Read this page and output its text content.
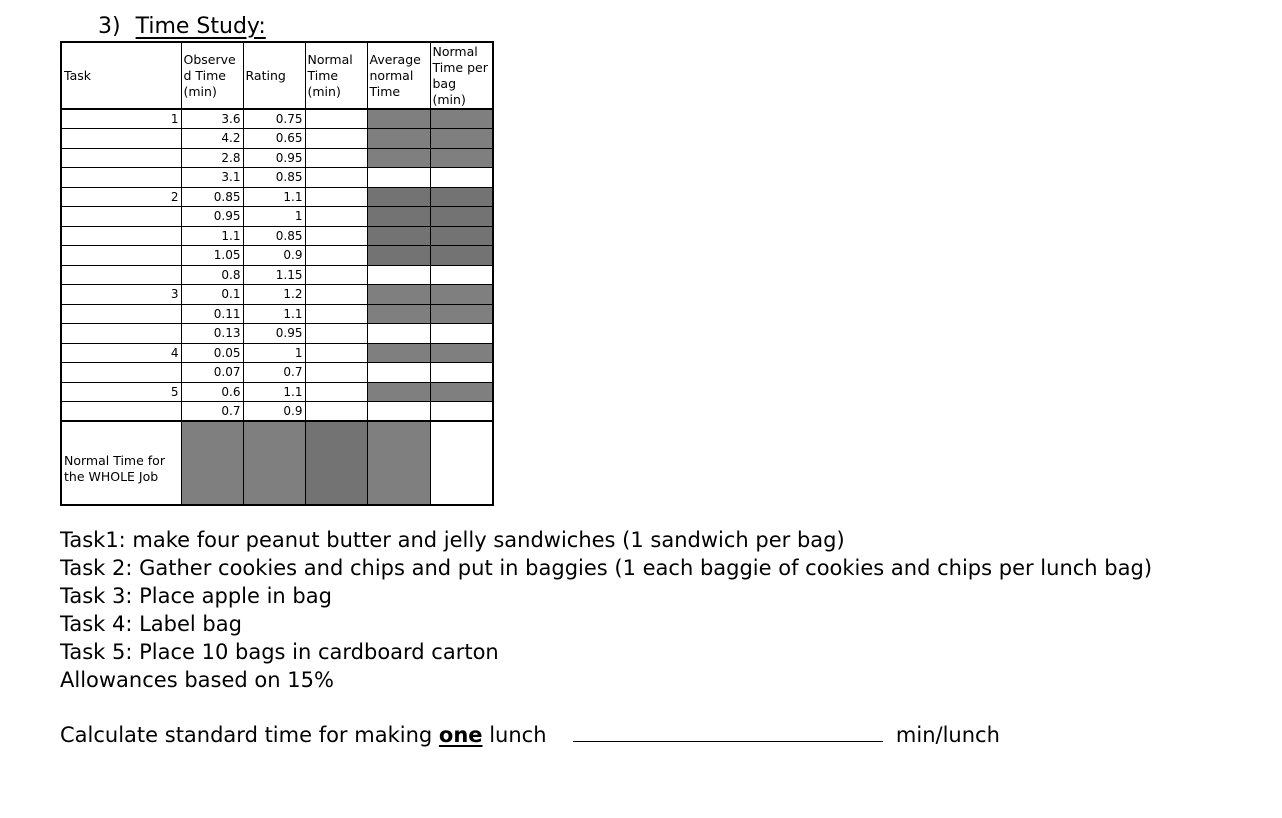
3) Time Study:
Task	Observe d Time (min)	Rating	Normal Time (min)	Average normal Time	Normal Time per bag (min)
1	3.6	0.75			
	4.2	0.65			
	2.8	0.95			
	3.1	0.85			
2	0.85	1.1			
	0.95	1			
	1.1	0.85			
	1.05	0.9			
	0.8	1.15			
3	0.1	1.2			
	0.11	1.1			
	0.13	0.95			
4	0.05	1			
	0.07	0.7			
5	0.6	1.1			
	0.7	0.9			
Normal Time for the WHOLE Job					
Task1: make four peanut butter and jelly sandwiches (1 sandwich per bag)
Task 2: Gather cookies and chips and put in baggies (1 each baggie of cookies and chips per lunch bag)
Task 3: Place apple in bag
Task 4: Label bag
Task 5: Place 10 bags in cardboard carton
Allowances based on 15%
Calculate standard time for making one lunch	min/lunch
